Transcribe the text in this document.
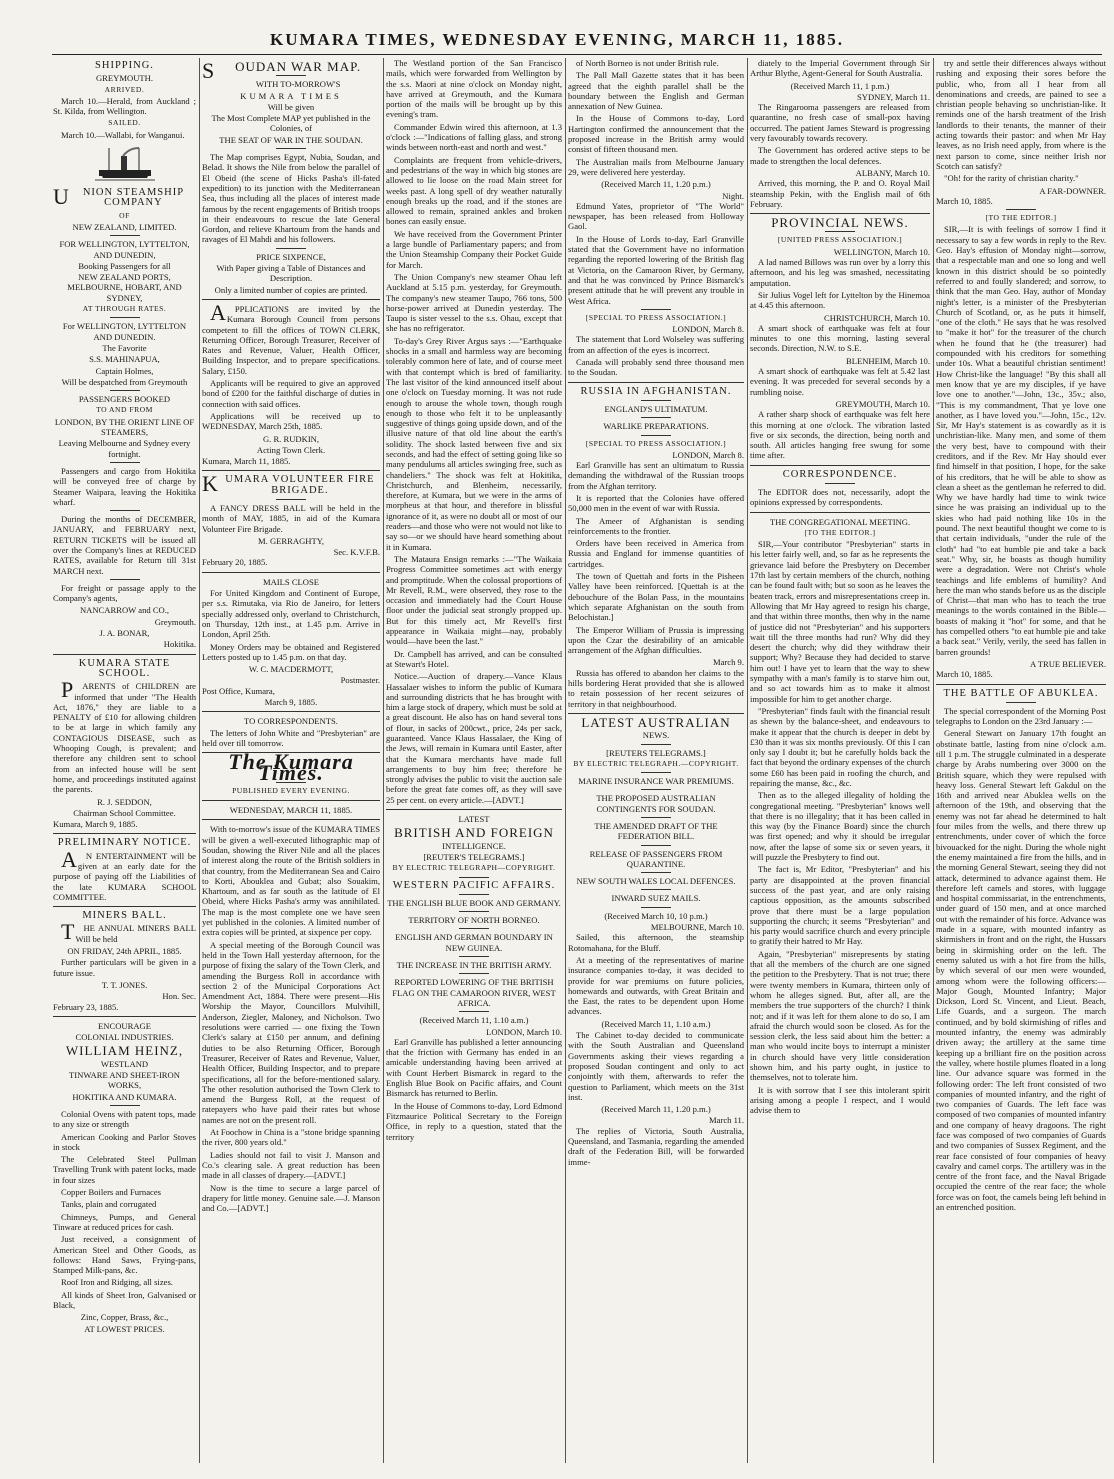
KUMARA TIMES, WEDNESDAY EVENING, MARCH 11, 1885.
SHIPPING.
GREYMOUTH.
ARRIVED.

March 10.—Herald, from Auckland ; St. Kilda, from Wellington.

SAILED.

March 10.—Wallabi, for Wanganui.

UNION STEAMSHIP COMPANY
OF
NEW ZEALAND, LIMITED.
FOR WELLINGTON, LYTTELTON, AND DUNEDIN,
Booking Passengers for all
NEW ZEALAND PORTS, MELBOURNE, HOBART, AND SYDNEY,
AT THROUGH RATES.
For WELLINGTON, LYTTELTON AND DUNEDIN.
The Favorite
S.S. MAHINAPUA,
Captain Holmes,
Will be despatched from Greymouth
PASSENGERS BOOKED
TO AND FROM
LONDON, BY THE ORIENT LINE OF STEAMERS,
Leaving Melbourne and Sydney every fortnight.

Passengers and cargo from Hokitika will be conveyed free of charge by Steamer Waipara, leaving the Hokitika wharf.

During the months of DECEMBER, JANUARY, and FEBRUARY next, RETURN TICKETS will be issued all over the Company's lines at REDUCED RATES, available for Return till 31st MARCH next.

For freight or passage apply to the Company's agents,

NANCARROW and CO.,
Greymouth.
J. A. BONAR,
Hokitika.
KUMARA STATE SCHOOL.

PARENTS of CHILDREN are informed that under "The Health Act, 1876," they are liable to a PENALTY of £10 for allowing children to be at large in which family any CONTAGIOUS DISEASE, such as Whooping Cough, is prevalent; and therefore any children sent to school from an infected house will be sent home, and proceedings instituted against the parents.

R. J. SEDDON,
Chairman School Committee.
Kumara, March 9, 1885.
PRELIMINARY NOTICE.

AN ENTERTAINMENT will be given at an early date for the purpose of paying off the Liabilities of the late KUMARA SCHOOL COMMITTEE.

MINERS BALL.

THE ANNUAL MINERS BALL Will be held

ON FRIDAY, 24th APRIL, 1885.

Further particulars will be given in a future issue.

T. T. JONES.
Hon. Sec.
February 23, 1885.
ENCOURAGE
COLONIAL INDUSTRIES.
WILLIAM HEINZ,
WESTLAND
TINWARE AND SHEET-IRON WORKS,
HOKITIKA AND KUMARA.

Colonial Ovens with patent tops, made to any size or strength

American Cooking and Parlor Stoves in stock

The Celebrated Steel Pullman Travelling Trunk with patent locks, made in four sizes

Copper Boilers and Furnaces

Tanks, plain and corrugated

Chimneys, Pumps, and General Tinware at reduced prices for cash.

Just received, a consignment of American Steel and Other Goods, as follows: Hand Saws, Frying-pans, Stamped Milk-pans, &c.

Roof Iron and Ridging, all sizes.

All kinds of Sheet Iron, Galvanised or Black,

Zinc, Copper, Brass, &c.,
AT LOWEST PRICES.
SOUDAN WAR MAP.
WITH TO-MORROW'S
KUMARA TIMES
Will be given
The Most Complete MAP yet published in the Colonies, of
THE SEAT OF WAR IN THE SOUDAN.

The Map comprises Egypt, Nubia, Soudan, and Belad. It shows the Nile from below the parallel of El Obeid (the scene of Hicks Pasha's ill-fated expedition) to its junction with the Mediterranean Sea, thus including all the places of interest made famous by the recent engagements of British troops in their endeavours to rescue the late General Gordon, and relieve Khartoum from the hands and ravages of El Mahdi and his followers.

PRICE SIXPENCE,
With Paper giving a Table of Distances and Description.
Only a limited number of copies are printed.

APPLICATIONS are invited by the Kumara Borough Council from persons competent to fill the offices of TOWN CLERK, Returning Officer, Borough Treasurer, Receiver of Rates and Revenue, Valuer, Health Officer, Building Inspector, and to prepare specifications. Salary, £150.

Applicants will be required to give an approved bond of £200 for the faithful discharge of duties in connection with said offices.

Applications will be received up to WEDNESDAY, March 25th, 1885.

G. R. RUDKIN,
Acting Town Clerk.
Kumara, March 11, 1885.
KUMARA VOLUNTEER FIRE BRIGADE.

A FANCY DRESS BALL will be held in the month of MAY, 1885, in aid of the Kumara Volunteer Fire Brigade.

M. GERRAGHTY,
Sec. K.V.F.B.
February 20, 1885.
MAILS CLOSE

For United Kingdom and Continent of Europe, per s.s. Rimutaka, via Rio de Janeiro, for letters specially addressed only, overland to Christchurch, on Thursday, 12th inst., at 1.45 p.m. Arrive in London, April 25th.

Money Orders may be obtained and Registered Letters posted up to 1.45 p.m. on that day.

W. C. MACDERMOTT,
Postmaster.
Post Office, Kumara,
March 9, 1885.
TO CORRESPONDENTS.

The letters of John White and "Presbyterian" are held over till tomorrow.

The Kumara Times.
PUBLISHED EVERY EVENING.
WEDNESDAY, MARCH 11, 1885.

With to-morrow's issue of the KUMARA TIMES will be given a well-executed lithographic map of Soudan, showing the River Nile and all the places of interest along the route of the British soldiers in that country, from the Mediterranean Sea and Cairo to Korti, Abouklea and Gubat; also Souakim, Khartoum, and as far south as the latitude of El Obeid, where Hicks Pasha's army was annihilated. The map is the most complete one we have seen yet published in the colonies. A limited number of extra copies will be printed, at sixpence per copy.

A special meeting of the Borough Council was held in the Town Hall yesterday afternoon, for the purpose of fixing the salary of the Town Clerk, and amending the Burgess Roll in accordance with section 2 of the Municipal Corporations Act Amendment Act, 1884. There were present—His Worship the Mayor, Councillors Mulvihill, Anderson, Ziegler, Maloney, and Nicholson. Two resolutions were carried — one fixing the Town Clerk's salary at £150 per annum, and defining duties to be also Returning Officer, Borough Treasurer, Receiver of Rates and Revenue, Valuer, Health Officer, Building Inspector, and to prepare specifications, all for the before-mentioned salary. The other resolution authorised the Town Clerk to amend the Burgess Roll, at the request of ratepayers who have paid their rates but whose names are not on the present roll.

At Foochow in China is a "stone bridge spanning the river, 800 years old."

Ladies should not fail to visit J. Manson and Co.'s clearing sale. A great reduction has been made in all classes of drapery.—[ADVT.]

Now is the time to secure a large parcel of drapery for little money. Genuine sale.—J. Manson and Co.—[ADVT.]

The Westland portion of the San Francisco mails, which were forwarded from Wellington by the s.s. Maori at nine o'clock on Monday night, have arrived at Greymouth, and the Kumara portion of the mails will be brought up by this evening's tram.

Commander Edwin wired this afternoon, at 1.3 o'clock :—"Indications of falling glass, and strong winds between north-east and north and west."

Complaints are frequent from vehicle-drivers, and pedestrians of the way in which big stones are allowed to lie loose on the road Main street for weeks past. A long spell of dry weather naturally enough breaks up the road, and if the stones are allowed to remain, sprained ankles and broken bones can easily ensue.

We have received from the Government Printer a large bundle of Parliamentary papers; and from the Union Steamship Company their Pocket Guide for March.

The Union Company's new steamer Ohau left Auckland at 5.15 p.m. yesterday, for Greymouth. The company's new steamer Taupo, 766 tons, 500 horse-power arrived at Dunedin yesterday. The Taupo is sister vessel to the s.s. Ohau, except that she has no refrigerator.

To-day's Grey River Argus says :—"Earthquake shocks in a small and harmless way are becoming tolerably common here of late, and of course meet with that contempt which is bred of familiarity. The last visitor of the kind announced itself about one o'clock on Tuesday morning. It was not rude enough to arouse the whole town, though rough enough to those who felt it to be unpleasantly suggestive of things going upside down, and of the illusive nature of that old line about the earth's solidity. The shock lasted between five and six seconds, and had the effect of setting going like so many pendulums all articles swinging free, such as chandeliers." The shock was felt at Hokitika, Christchurch, and Blenheim, necessarily, therefore, at Kumara, but we were in the arms of morpheus at that hour, and therefore in blissful ignorance of it, as were no doubt all or most of our readers—and those who were not would not like to say so—or we should have heard something about it in Kumara.

The Mataura Ensign remarks :—"The Waikaia Progress Committee sometimes act with energy and promptitude. When the colossal proportions of Mr Revell, R.M., were observed, they rose to the occasion and immediately had the Court House floor under the judicial seat strongly propped up. But for this timely act, Mr Revell's first appearance in Waikaia might—nay, probably would—have been the last."

Dr. Campbell has arrived, and can be consulted at Stewart's Hotel.

Notice.—Auction of drapery.—Vance Klaus Hassalaer wishes to inform the public of Kumara and surrounding districts that he has brought with him a large stock of drapery, which must be sold at a great discount. He also has on hand several tons of flour, in sacks of 200cwt., price, 24s per sack, guaranteed. Vance Klaus Hassalaer, the King of the Jews, will remain in Kumara until Easter, after that the Kumara merchants have made full arrangements to buy him free; therefore he strongly advises the public to visit the auction sale before the great fate comes off, as they will save 25 per cent. on every article.—[ADVT.]

LATEST
BRITISH AND FOREIGN
INTELLIGENCE.
[REUTER'S TELEGRAMS.]
BY ELECTRIC TELEGRAPH—COPYRIGHT.
WESTERN PACIFIC AFFAIRS.
THE ENGLISH BLUE BOOK AND GERMANY.
TERRITORY OF NORTH BORNEO.
ENGLISH AND GERMAN BOUNDARY IN NEW GUINEA.
THE INCREASE IN THE BRITISH ARMY.
REPORTED LOWERING OF THE BRITISH FLAG ON THE CAMAROON RIVER, WEST AFRICA.
(Received March 11, 1.10 a.m.)
LONDON, March 10.

Earl Granville has published a letter announcing that the friction with Germany has ended in an amicable understanding having been arrived at with Count Herbert Bismarck in regard to the English Blue Book on Pacific affairs, and Count Bismarck has returned to Berlin.

In the House of Commons to-day, Lord Edmond Fitzmaurice Political Secretary to the Foreign Office, in reply to a question, stated that the territory

of North Borneo is not under British rule.

The Pall Mall Gazette states that it has been agreed that the eighth parallel shall be the boundary between the English and German annexation of New Guinea.

In the House of Commons to-day, Lord Hartington confirmed the announcement that the proposed increase in the British army would consist of fifteen thousand men.

The Australian mails from Melbourne January 29, were delivered here yesterday.

(Received March 11, 1.20 p.m.)
Night.

Edmund Yates, proprietor of "The World" newspaper, has been released from Holloway Gaol.

In the House of Lords to-day, Earl Granville stated that the Government have no information regarding the reported lowering of the British flag at Victoria, on the Camaroon River, by Germany, and that he was convinced by Prince Bismarck's present attitude that he will prevent any trouble in West Africa.

[SPECIAL TO PRESS ASSOCIATION.]
LONDON, March 8.

The statement that Lord Wolseley was suffering from an affection of the eyes is incorrect.

Canada will probably send three thousand men to the Soudan.

RUSSIA IN AFGHANISTAN.
ENGLAND'S ULTIMATUM.
WARLIKE PREPARATIONS.
[SPECIAL TO PRESS ASSOCIATION.]
LONDON, March 8.

Earl Granville has sent an ultimatum to Russia demanding the withdrawal of the Russian troops from the Afghan territory.

It is reported that the Colonies have offered 50,000 men in the event of war with Russia.

The Ameer of Afghanistan is sending reinforcements to the frontier.

Orders have been received in America from Russia and England for immense quantities of cartridges.

The town of Quettah and forts in the Pisheen Valley have been reinforced. [Quettah is at the debouchure of the Bolan Pass, in the mountains which separate Afghanistan on the south from Belochistan.]

The Emperor William of Prussia is impressing upon the Czar the desirability of an amicable arrangement of the Afghan difficulties.

March 9.

Russia has offered to abandon her claims to the hills bordering Herat provided that she is allowed to retain possession of her recent seizures of territory in that neighbourhood.

LATEST AUSTRALIAN
NEWS.
[REUTERS TELEGRAMS.]
BY ELECTRIC TELEGRAPH.—COPYRIGHT.
MARINE INSURANCE WAR PREMIUMS.
THE PROPOSED AUSTRALIAN CONTINGENTS FOR SOUDAN.
THE AMENDED DRAFT OF THE FEDERATION BILL.
RELEASE OF PASSENGERS FROM QUARANTINE.
NEW SOUTH WALES LOCAL DEFENCES.
INWARD SUEZ MAILS.
(Received March 10, 10 p.m.)
MELBOURNE, March 10.

Sailed, this afternoon, the steamship Rotomahana, for the Bluff.

At a meeting of the representatives of marine insurance companies to-day, it was decided to provide for war premiums on future policies, homewards and outwards, with Great Britain and the East, the rates to be dependent upon Home advances.

(Received March 11, 1.10 a.m.)

The Cabinet to-day decided to communicate with the South Australian and Queensland Governments asking their views regarding a proposed Soudan contingent and only to act conjointly with them, afterwards to refer the question to Parliament, which meets on the 31st inst.

(Received March 11, 1.20 p.m.)
March 11.

The replies of Victoria, South Australia, Queensland, and Tasmania, regarding the amended draft of the Federation Bill, will be forwarded imme-

diately to the Imperial Government through Sir Arthur Blythe, Agent-General for South Australia.

(Received March 11, 1 p.m.)
SYDNEY, March 11.

The Ringarooma passengers are released from quarantine, no fresh case of small-pox having occurred. The patient James Steward is progressing very favourably towards recovery.

The Government has ordered active steps to be made to strengthen the local defences.

ALBANY, March 10.

Arrived, this morning, the P. and O. Royal Mail steamship Pekin, with the English mail of 6th February.

PROVINCIAL NEWS.
[UNITED PRESS ASSOCIATION.]
WELLINGTON, March 10.

A lad named Billows was run over by a lorry this afternoon, and his leg was smashed, necessitating amputation.

Sir Julius Vogel left for Lyttelton by the Hinemoa at 4.45 this afternoon.

CHRISTCHURCH, March 10.

A smart shock of earthquake was felt at four minutes to one this morning, lasting several seconds. Direction, N.W. to S.E.

BLENHEIM, March 10.

A smart shock of earthquake was felt at 5.42 last evening. It was preceded for several seconds by a rumbling noise.

GREYMOUTH, March 10.

A rather sharp shock of earthquake was felt here this morning at one o'clock. The vibration lasted five or six seconds, the direction, being north and south. All articles hanging free swung for some time after.

CORRESPONDENCE.

The EDITOR does not, necessarily, adopt the opinions expressed by correspondents.

THE CONGREGATIONAL MEETING.
[TO THE EDITOR.]

SIR,—Your contributor "Presbyterian" starts in his letter fairly well, and, so far as he represents the grievance laid before the Presbytery on December 17th last by certain members of the church, nothing can be found fault with; but so soon as he leaves the beaten track, errors and misrepresentations creep in. Allowing that Mr Hay agreed to resign his charge, and that within three months, then why in the name of justice did not "Presbyterian" and his supporters wait till the three months had run? Why did they desert the church; why did they withdraw their support; Why? Because they had decided to starve him out! I have yet to learn that the way to shew sympathy with a man's family is to starve him out, and so act towards him as to make it almost impossible for him to get another charge.

"Presbyterian" finds fault with the financial result as shewn by the balance-sheet, and endeavours to make it appear that the church is deeper in debt by £30 than it was six months previously. Of this I can only say I doubt it; but he carefully holds back the fact that beyond the ordinary expenses of the church some £60 has been paid in roofing the church, and repairing the manse, &c., &c.

Then as to the alleged illegality of holding the congregational meeting. "Presbyterian" knows well that there is no illegality; that it has been called in this way (by the Finance Board) since the church was first opened; and why it should be irregular now, after the lapse of some six or seven years, it will puzzle the Presbytery to find out.

The fact is, Mr Editor, "Presbyterian" and his party are disappointed at the proven financial success of the past year, and are only raising captious opposition, as the amounts subscribed prove that there must be a large population supporting the church; it seems "Presbyterian" and his party would sacrifice church and every principle to gratify their hatred to Mr Hay.

Again, "Presbyterian" misrepresents by stating that all the members of the church are one signed the petition to the Presbytery. That is not true; there were twenty members in Kumara, thirteen only of whom he alleges signed. But, after all, are the members the true supporters of the church? I think not; and if it was left for them alone to do so, I am afraid the church would soon be closed. As for the session clerk, the less said about him the better: a man who would incite boys to interrupt a minister in church should have very little consideration shown him, and his party ought, in justice to themselves, not to tolerate him.

It is with sorrow that I see this intolerant spirit arising among a people I respect, and I would advise them to

try and settle their differences always without rushing and exposing their sores before the public, who, from all I hear from all denominations and creeds, are pained to see a christian people behaving so unchristian-like. It reminds one of the harsh treatment of the Irish landlords to their tenants, the manner of their acting towards their pastor: and when Mr Hay leaves, as no Irish need apply, from where is the next parson to come, since neither Irish nor Scotch can satisfy?

"Oh! for the rarity of christian charity."

A FAR-DOWNER.
March 10, 1885.
[TO THE EDITOR.]

SIR,—It is with feelings of sorrow I find it necessary to say a few words in reply to the Rev. Geo. Hay's effusion of Monday night—sorrow, that a respectable man and one so long and well known in this district should be so pointedly referred to and foully slandered; and sorrow, to think that the man Geo. Hay, author of Monday night's letter, is a minister of the Presbyterian Church of Scotland, or, as he puts it himself, "one of the cloth." He says that he was resolved to "make it hot" for the treasurer of the church when he found that he (the treasurer) had compounded with his creditors for something under 10s. What a beautiful christian sentiment! How Christ-like the language! "By this shall all men know that ye are my disciples, if ye have love one to another."—John, 13c., 35v.; also, "This is my commandment, That ye love one another, as I have loved you."—John, 15c., 12v. Sir, Mr Hay's statement is as cowardly as it is unchristian-like. Many men, and some of them the very best, have to compound with their creditors, and if the Rev. Mr Hay should ever find himself in that position, I hope, for the sake of his creditors, that he will be able to show as clean a sheet as the gentleman he referred to did. Why we have hardly had time to wink twice since he was praising an individual up to the skies who had paid nothing like 10s in the pound. The next beautiful thought we come to is that certain individuals, "under the rule of the cloth" had "to eat humble pie and take a back seat." Why, sir, he boasts as though humility were a degradation. Were not Christ's whole teachings and life emblems of humility? And here the man who stands before us as the disciple of Christ—that man who has to teach the true meanings to the words contained in the Bible—boasts of making it "hot" for some, and that he has compelled others "to eat humble pie and take a back seat." Verily, verily, the seed has fallen in barren grounds!

A TRUE BELIEVER.
March 10, 1885.
THE BATTLE OF ABUKLEA.

The special correspondent of the Morning Post telegraphs to London on the 23rd January :—

General Stewart on January 17th fought an obstinate battle, lasting from nine o'clock a.m. till 1 p.m. The struggle culminated in a desperate charge by Arabs numbering over 3000 on the British square, which they were repulsed with heavy loss. General Stewart left Gakdul on the 16th and arrived near Abuklea wells on the afternoon of the 19th, and observing that the enemy was not far ahead he determined to halt four miles from the wells, and there threw up entrenchments, under cover of which the force bivouacked for the night. During the whole night the enemy maintained a fire from the hills, and in the morning General Stewart, seeing they did not attack, determined to advance against them. He therefore left camels and stores, with luggage and hospital commissariat, in the entrenchments, under guard of 150 men, and at once marched out with the remainder of his force. Advance was made in a square, with mounted infantry as skirmishers in front and on the right, the Hussars being in skirmishing order on the left. The enemy saluted us with a hot fire from the hills, by which several of our men were wounded, among whom were the following officers:—Major Gough, Mounted Infantry; Major Dickson, Lord St. Vincent, and Lieut. Beach, Life Guards, and a surgeon. The march continued, and by bold skirmishing of rifles and mounted infantry, the enemy was admirably driven away; the artillery at the same time keeping up a brilliant fire on the position across the valley, where hostile plumes floated in a long line. Our advance square was formed in the following order: The left front consisted of two companies of mounted infantry, and the right of two companies of Guards. The left face was composed of two companies of mounted infantry and one company of heavy dragoons. The right face was composed of two companies of Guards and two companies of Sussex Regiment, and the rear face consisted of four companies of heavy cavalry and camel corps. The artillery was in the centre of the front face, and the Naval Brigade occupied the centre of the rear face; the whole force was on foot, the camels being left behind in an entrenched position.
